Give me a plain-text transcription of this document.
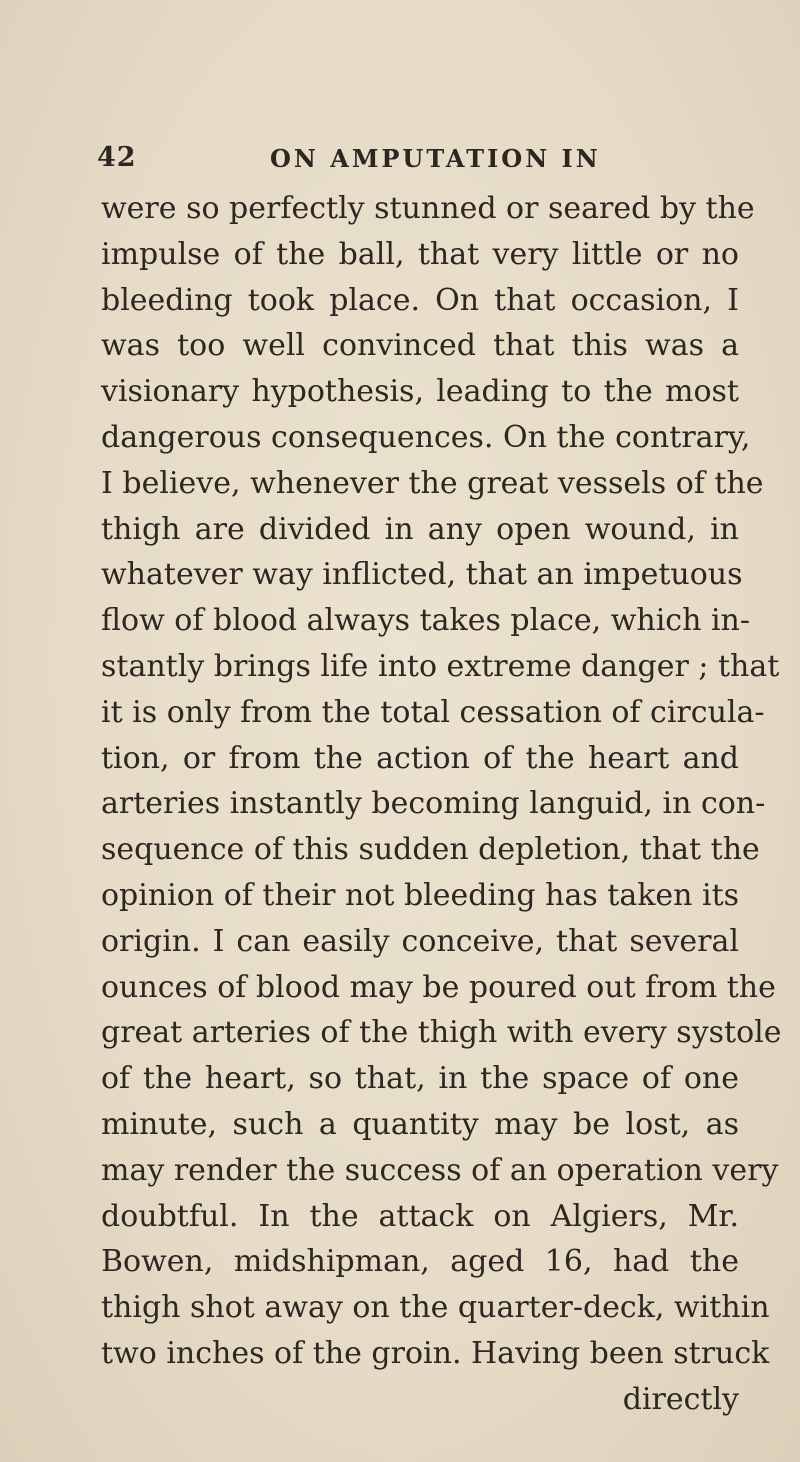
42	ON AMPUTATION IN
were so perfectly stunned or seared by the
impulse of the ball, that very little or no
bleeding took place. On that occasion, I
was too well convinced that this was a
visionary hypothesis, leading to the most
dangerous consequences. On the contrary,
I believe, whenever the great vessels of the
thigh are divided in any open wound, in
whatever way inflicted, that an impetuous
flow of blood always takes place, which in-
stantly brings life into extreme danger ; that
it is only from the total cessation of circula-
tion, or from the action of the heart and
arteries instantly becoming languid, in con-
sequence of this sudden depletion, that the
opinion of their not bleeding has taken its
origin. I can easily conceive, that several
ounces of blood may be poured out from the
great arteries of the thigh with every systole
of the heart, so that, in the space of one
minute, such a quantity may be lost, as
may render the success of an operation very
doubtful. In the attack on Algiers, Mr.
Bowen, midshipman, aged 16, had the
thigh shot away on the quarter-deck, within
two inches of the groin. Having been struck
directly
